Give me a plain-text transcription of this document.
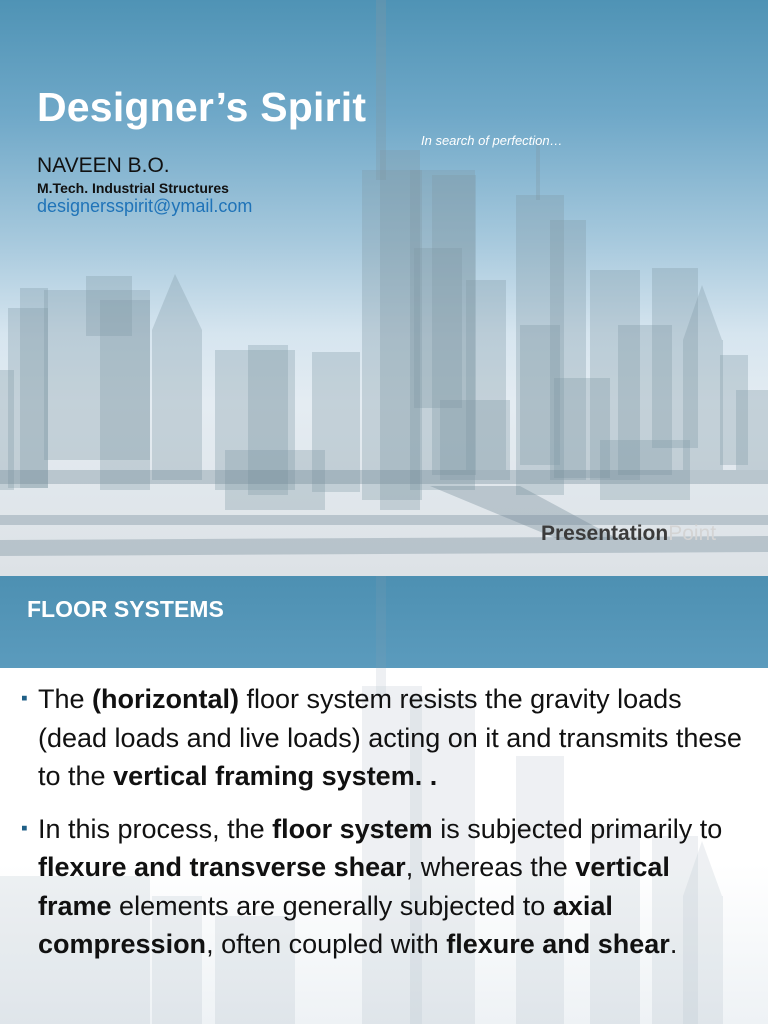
Designer’s Spirit
In search of perfection…
NAVEEN B.O.
M.Tech. Industrial Structures
designersspirit@ymail.com
PresentationPoint
FLOOR SYSTEMS
▪ The (horizontal) floor system resists the gravity loads (dead loads and live loads) acting on it and transmits these to the vertical framing system. .
▪ In this process, the floor system is subjected primarily to flexure and transverse shear, whereas the vertical frame elements are generally subjected to axial compression, often coupled with flexure and shear.
